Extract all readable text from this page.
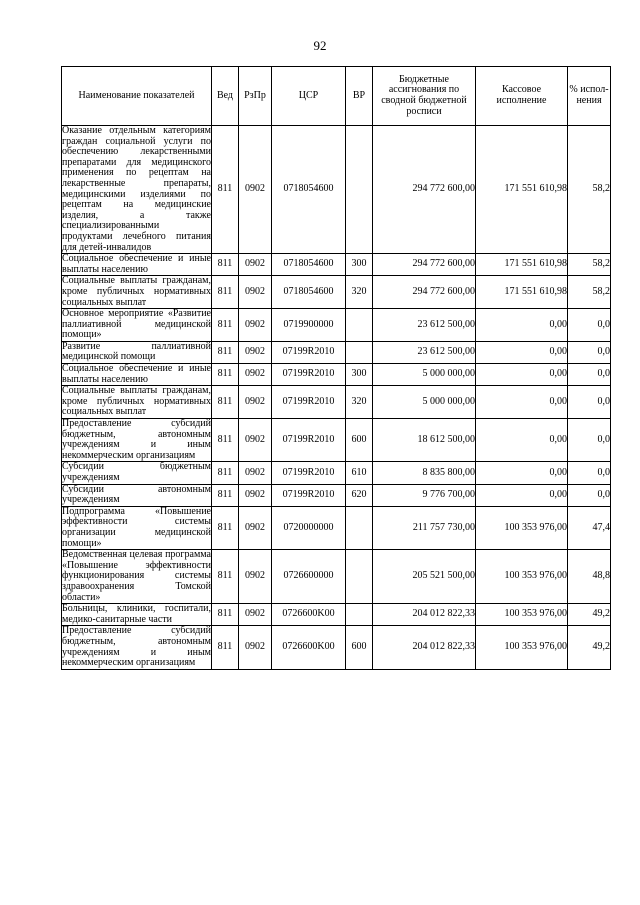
92
Наименование показателей	Вед	РзПр	ЦСР	ВР	Бюджетные ассигнования по сводной бюджетной росписи	Кассовое исполнение	% испол-нения
Оказание отдельным категориям граждан социальной услуги по обеспечению лекарственными препаратами для медицинского применения по рецептам на лекарственные препараты, медицинскими изделиями по рецептам на медицинские изделия, а также специализированными продуктами лечебного питания для детей-инвалидов	811	0902	0718054600		294 772 600,00	171 551 610,98	58,2
Социальное обеспечение и иные выплаты населению	811	0902	0718054600	300	294 772 600,00	171 551 610,98	58,2
Социальные выплаты гражданам, кроме публичных нормативных социальных выплат	811	0902	0718054600	320	294 772 600,00	171 551 610,98	58,2
Основное мероприятие «Развитие паллиативной медицинской помощи»	811	0902	0719900000		23 612 500,00	0,00	0,0
Развитие паллиативной медицинской помощи	811	0902	07199R2010		23 612 500,00	0,00	0,0
Социальное обеспечение и иные выплаты населению	811	0902	07199R2010	300	5 000 000,00	0,00	0,0
Социальные выплаты гражданам, кроме публичных нормативных социальных выплат	811	0902	07199R2010	320	5 000 000,00	0,00	0,0
Предоставление субсидий бюджетным, автономным учреждениям и иным некоммерческим организациям	811	0902	07199R2010	600	18 612 500,00	0,00	0,0
Субсидии бюджетным учреждениям	811	0902	07199R2010	610	8 835 800,00	0,00	0,0
Субсидии автономным учреждениям	811	0902	07199R2010	620	9 776 700,00	0,00	0,0
Подпрограмма «Повышение эффективности системы организации медицинской помощи»	811	0902	0720000000		211 757 730,00	100 353 976,00	47,4
Ведомственная целевая программа «Повышение эффективности функционирования системы здравоохранения Томской области»	811	0902	0726600000		205 521 500,00	100 353 976,00	48,8
Больницы, клиники, госпитали, медико-санитарные части	811	0902	0726600K00		204 012 822,33	100 353 976,00	49,2
Предоставление субсидий бюджетным, автономным учреждениям и иным некоммерческим организациям	811	0902	0726600K00	600	204 012 822,33	100 353 976,00	49,2
